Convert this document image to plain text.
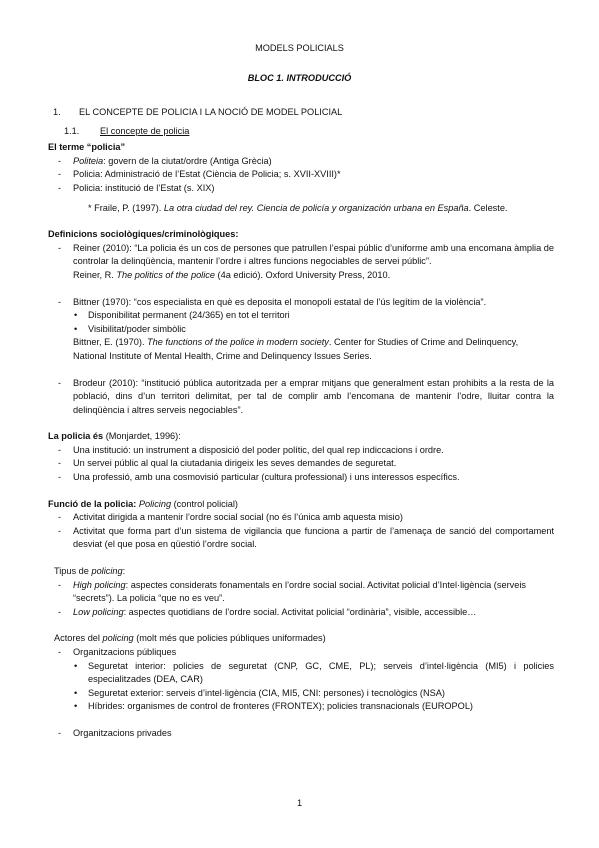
MODELS POLICIALS
BLOC 1. INTRODUCCIÓ
1. EL CONCEPTE DE POLICIA I LA NOCIÓ DE MODEL POLICIAL
1.1. El concepte de policia
El terme “policia”
- Politeia: govern de la ciutat/ordre (Antiga Grècia)
- Policia: Administració de l’Estat (Ciència de Policia; s. XVII-XVIII)*
- Policia: institució de l’Estat (s. XIX)
* Fraile, P. (1997). La otra ciudad del rey. Ciencia de policía y organización urbana en España. Celeste.
Definicions sociològiques/criminològiques:
- Reiner (2010): “La policia és un cos de persones que patrullen l’espai públic d’uniforme amb una encomana àmplia de controlar la delinqüència, mantenir l’ordre i altres funcions negociables de servei públic”.
Reiner, R. The politics of the police (4a edició). Oxford University Press, 2010.
- Bittner (1970): “cos especialista en què es deposita el monopoli estatal de l’ús legítim de la violència”.
• Disponibilitat permanent (24/365) en tot el territori
• Visibilitat/poder simbòlic
Bittner, E. (1970). The functions of the police in modern society. Center for Studies of Crime and Delinquency, National Institute of Mental Health, Crime and Delinquency Issues Series.
- Brodeur (2010): “institució pública autoritzada per a emprar mitjans que generalment estan prohibits a la resta de la població, dins d’un territori delimitat, per tal de complir amb l’encomana de mantenir l’odre, lluitar contra la delinqüència i altres serveis negociables”.
La policia és (Monjardet, 1996):
- Una institució: un instrument a disposició del poder polític, del qual rep indiccacions i ordre.
- Un servei públic al qual la ciutadania dirigeix les seves demandes de seguretat.
- Una professió, amb una cosmovisió particular (cultura professional) i uns interessos específics.
Funció de la policia: Policing (control policial)
- Activitat dirigida a mantenir l’ordre social social (no és l’única amb aquesta misio)
- Activitat que forma part d’un sistema de vigilancia que funciona a partir de l’amenaça de sanció del comportament desviat (el que posa en qüestió l’ordre social.
Tipus de policing:
- High policing: aspectes considerats fonamentals en l’ordre social social. Activitat policial d’Intel·ligència (serveis “secrets”). La policia “que no es veu”.
- Low policing: aspectes quotidians de l’ordre social. Activitat policial “ordinària”, visible, accessible…
Actores del policing (molt més que policies públiques uniformades)
- Organitzacions públiques
• Seguretat interior: policies de seguretat (CNP, GC, CME, PL); serveis d’intel·ligència (MI5) i policies especialitzades (DEA, CAR)
• Seguretat exterior: serveis d’intel·ligència (CIA, MI5, CNI: persones) i tecnològics (NSA)
• Híbrides: organismes de control de fronteres (FRONTEX); policies transnacionals (EUROPOL)
- Organitzacions privades
1
